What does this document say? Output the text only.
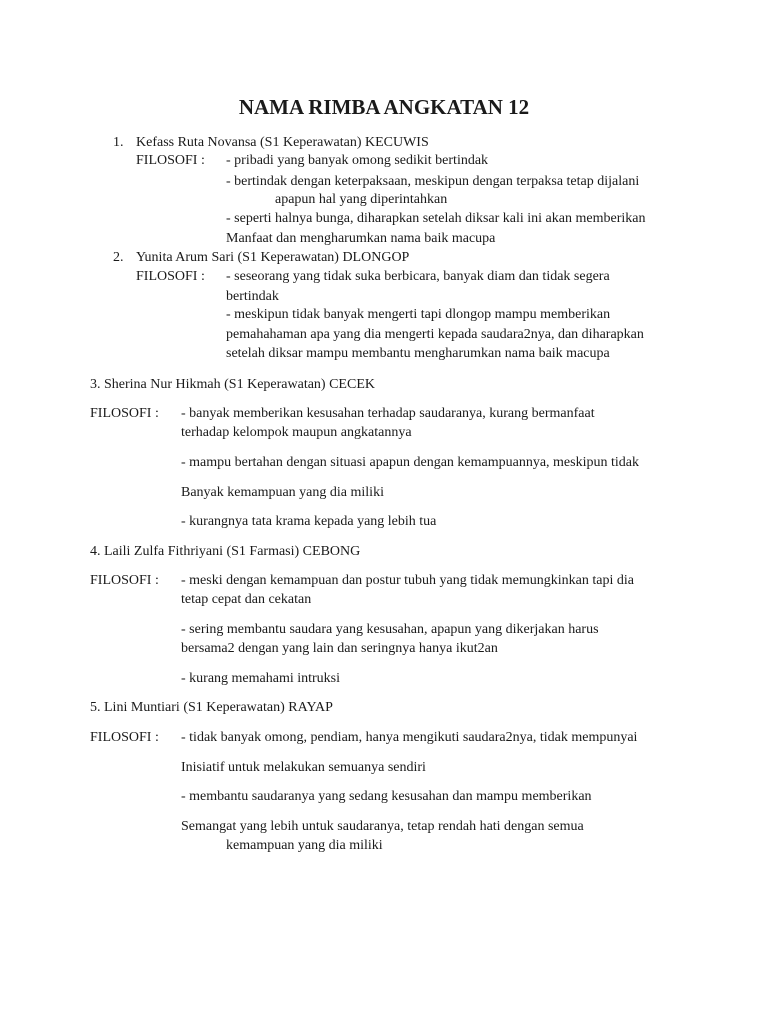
NAMA RIMBA ANGKATAN 12
1. Kefass Ruta Novansa (S1 Keperawatan) KECUWIS
FILOSOFI : - pribadi yang banyak omong sedikit bertindak
- bertindak dengan keterpaksaan, meskipun dengan terpaksa tetap dijalani
apapun hal yang diperintahkan
- seperti halnya bunga, diharapkan setelah diksar kali ini akan memberikan
Manfaat dan mengharumkan nama baik macupa
2. Yunita Arum Sari (S1 Keperawatan) DLONGOP
FILOSOFI : - seseorang yang tidak suka berbicara, banyak diam dan tidak segera
bertindak
- meskipun tidak banyak mengerti tapi dlongop mampu memberikan
pemahahaman apa yang dia mengerti kepada saudara2nya, dan diharapkan
setelah diksar mampu membantu mengharumkan nama baik macupa
3. Sherina Nur Hikmah (S1 Keperawatan) CECEK
FILOSOFI : - banyak memberikan kesusahan terhadap saudaranya, kurang bermanfaat
terhadap kelompok maupun angkatannya
- mampu bertahan dengan situasi apapun dengan kemampuannya, meskipun tidak
Banyak kemampuan yang dia miliki
- kurangnya tata krama kepada yang lebih tua
4. Laili Zulfa Fithriyani (S1 Farmasi) CEBONG
FILOSOFI : - meski dengan kemampuan dan postur tubuh yang tidak memungkinkan tapi dia
tetap cepat dan cekatan
- sering membantu saudara yang kesusahan, apapun yang dikerjakan harus
bersama2 dengan yang lain dan seringnya hanya ikut2an
- kurang memahami intruksi
5. Lini Muntiari (S1 Keperawatan) RAYAP
FILOSOFI : - tidak banyak omong, pendiam, hanya mengikuti saudara2nya, tidak mempunyai
Inisiatif untuk melakukan semuanya sendiri
- membantu saudaranya yang sedang kesusahan dan mampu memberikan
Semangat yang lebih untuk saudaranya, tetap rendah hati dengan semua
kemampuan yang dia miliki
